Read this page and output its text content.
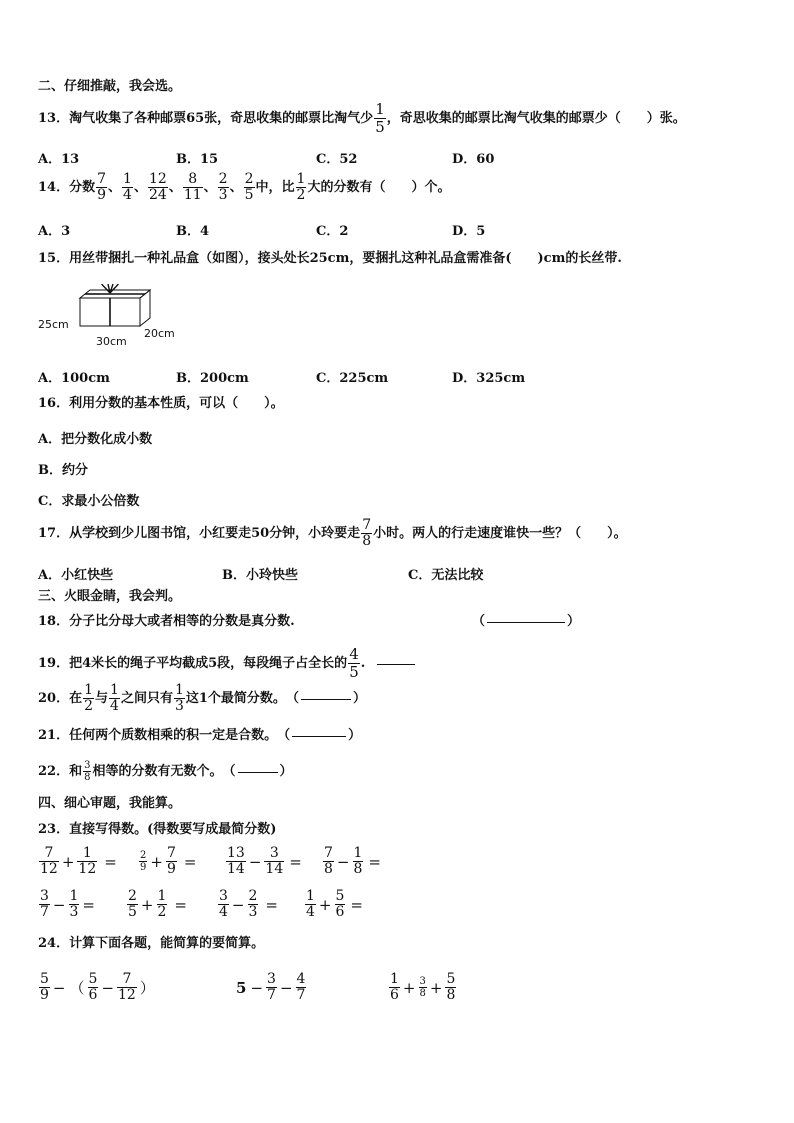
二、仔细推敲，我会选。
13．淘气收集了各种邮票65张，奇思收集的邮票比淘气少
1
5 ，奇思收集的邮票比淘气收集的邮票少（　　）张。
A．13	B．15	C．52	D．60
14．分数
7
9 、
1
4 、
12
24 、
8
11 、
2
3 、
2
5 中，比
1
2 大的分数有（　　）个。
A．3	B．4	C．2	D．5
15．用丝带捆扎一种礼品盒（如图），接头处长25cm，要捆扎这种礼品盒需准备(　　)cm的长丝带.
25cm
30cm
20cm
A．100cm	B．200cm	C．225cm	D．325cm
16．利用分数的基本性质，可以（　　）。
A．把分数化成小数
B．约分
C．求最小公倍数
17．从学校到少儿图书馆，小红要走50分钟，小玲要走
7
8 小时。两人的行走速度谁快一些？（　　）。
A．小红快些	B．小玲快些	C．无法比较
三、火眼金睛，我会判。
18．分子比分母大或者相等的分数是真分数.	（	）
19．把4米长的绳子平均截成5段，每段绳子占全长的
4
5 .
20．在
1
2 与
1
4 之间只有
1
3 这1个最简分数。 （	）
21．任何两个质数相乘的积一定是合数。 （	）
22．和 3
8 相等的分数有无数个。 （	）
四、细心审题，我能算。
23．直接写得数。(得数要写成最简分数)
7
$12 + \frac{1}{12} = 2$
$9 + \frac{7}{9} = 13$
$14 - \frac{3}{14} = 7$
$8 - \frac{1}{8}$ =
3
$7 - \frac{1}{3} = 2$
$5 + \frac{1}{2} = 3$
$4 - \frac{2}{3} = 1$
$4 + \frac{5}{6}$ =
24．计算下面各题，能简算的要简算。
5
9 − （ 5
$6 - \frac{7}{12}$ ）	$5 - \frac{3}{7} - \frac{4}{7}$	1
$6 + \frac{3}{8} + \frac{5}{8}$
